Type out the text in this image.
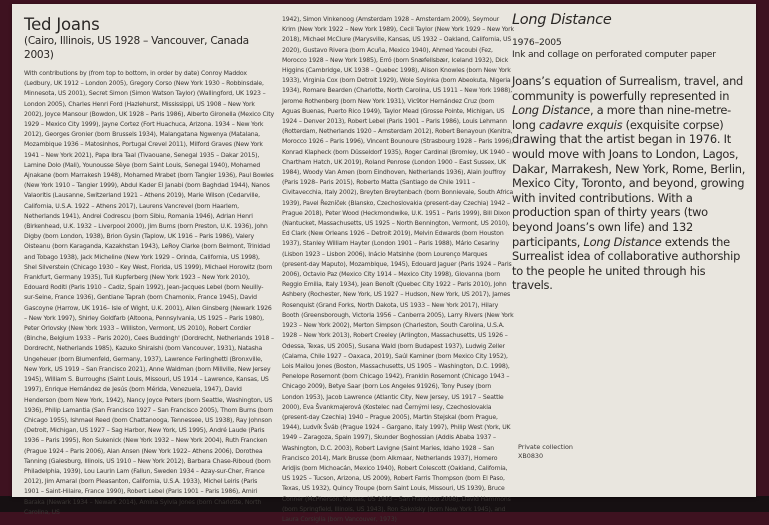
Ted Joans
(Cairo, Illinois, US 1928 – Vancouver, Canada 2003)
With contributions by (from top to bottom, in order by date) Conroy Maddox (Ledbury, UK 1912 – London 2005), Gregory Corso (New York 1930 – Robbinsdale, Minnesota, US 2001), Secret Simon (Simon Watson Taylor) (Wallingford, UK 1923 – London 2005), Charles Henri Ford (Hazlehurst, Mississippi, US 1908 – New York 2002), Joyce Mansour (Bowdon, UK 1928 – Paris 1986), Alberto Gironella (Mexico City 1929 – Mexico City 1999), Jayne Cortez (Fort Huachuca, Arizona. 1934 – New York 2012), Georges Gronier (born Brussels 1934), Malangatana Ngwenya (Matalana, Mozambique 1936 – Matosinhos, Portugal Crevel 2011), Milford Graves (New York 1941 – New York 2021), Papa Ibra Taal (Tivaouane, Senegal 1935 – Dakar 2015), Lamine Dolo (Mali), Younousse Sèye (born Saint Louis, Senegal 1940), Mohamed Ajnakane (born Marrakesh 1948), Mohamed Mrabet (born Tangier 1936), Paul Bowles (New York 1910 – Tangier 1999), Abdul Kader El Janabi (born Baghdad 1944), Nanos Valaoritis (Lausanne, Switzerland 1921 – Athens 2019), Marie Wilson (Cedarville, California, U.S.A. 1922 – Athens 2017), Laurens Vancrevel (born Haarlem, Netherlands 1941), Andrei Codrescu (born Sibiu, Romania 1946), Adrian Henri (Birkenhead, U.K. 1932 – Liverpool 2000), Jim Burns (born Preston, U.K. 1936), John Digby (born London, 1938), Brion Gysin (Taplow, UK 1916 – Paris 1986), Valery Oisteanu (born Karaganda, Kazakhstan 1943), LeRoy Clarke (born Belmont, Trinidad and Tobago 1938), Jack Micheline (New York 1929 – Orinda, California, US 1998), Shel Silverstein (Chicago 1930 – Key West, Florida, US 1999), Michael Horowitz (born Frankfurt, Germany 1935), Tuli Kupferberg (New York 1923 – New York 2010), Edouard Roditi (Paris 1910 – Cadiz, Spain 1992), Jean-Jacques Lebel (born Neuilly-sur-Seine, France 1936), Gentiane Taprah (born Chamonix, France 1945), David Gascoyne (Harrow, UK 1916– Isle of Wight, U.K. 2001), Allen Ginsberg (Newark 1926 – New York 1997), Shirley Goldfarb (Altoona, Pennsylvania, US 1925 – Paris 1980), Peter Orlovsky (New York 1933 – Williston, Vermont, US 2010), Robert Cordier (Binche, Belgium 1933 – Paris 2020), Cees Buddingh' (Dordrecht, Netherlands 1918 – Dordrecht, Netherlands 1985), Kazuko Shiraishi (born Vancouver, 1931), Natasha Ungeheuer (born Blumenfeld, Germany, 1937), Lawrence Ferlinghetti (Bronxville, New York, US 1919 – San Francisco 2021), Anne Waldman (born Millville, New Jersey 1945), William S. Burroughs (Saint Louis, Missouri, US 1914 – Lawrence, Kansas, US 1997), Enrique Hernández de Jesús (born Mérida, Venezuela, 1947), David Henderson (born New York, 1942), Nancy Joyce Peters (born Seattle, Washington, US 1936), Philip Lamantia (San Francisco 1927 – San Francisco 2005), Thom Burns (born Chicago 1955), Ishmael Reed (born Chattanooga, Tennessee, US 1938), Ray Johnson (Detroit, Michigan, US 1927 – Sag Harbor, New York, US 1995), André Laude (Paris 1936 – Paris 1995), Ron Sukenick (New York 1932 – New York 2004), Ruth Francken (Prague 1924 – Paris 2006), Alan Ansen (New York 1922– Athens 2006), Dorothea Tanning (Galesburg, Illinois, US 1910 – New York 2012), Barbara Chase-Riboud (born Philadelphia, 1939), Lou Laurin Lam (Fallun, Sweden 1934 – Azay-sur-Cher, France 2012), Jim Amaral (born Pleasanton, California, U.S.A. 1933), Michel Leiris (Paris 1901 – Saint-Hilaire, France 1990), Robert Lebel (Paris 1901 – Paris 1986), Amiri Baraka (Newark 1934 – Newark 2014), Amina Sylvia Jones (born Charlotte, North Carolina, US
1942), Simon Vinkenoog (Amsterdam 1928 – Amsterdam 2009), Seymour Krim (New York 1922 – New York 1989), Cecil Taylor (New York 1929 – New York 2018), Michael McClure (Marysville, Kansas, US 1932 – Oakland, California, US 2020), Gustavo Rivera (born Acuña, Mexico 1940), Ahmed Yacoubi (Fez, Morocco 1928 – New York 1985), Erró (born Snæfellsbær, Iceland 1932), Dick Higgins (Cambridge, UK 1938 – Quebec 1998), Alison Knowles (born New York 1933), Virginia Cox (born Detroit 1929), Wole Soyinka (born Abeokuta, Nigeria 1934), Romare Bearden (Charlotte, North Carolina, US 1911 – New York 1988), Jerome Rothenberg (born New York 1931), Vic9tor Hernández Cruz (born Aguas Buenas, Puerto Rico 1949), Taylor Mead (Grosse Pointe, Michigan, US 1924 – Denver 2013), Robert Lebel (Paris 1901 – Paris 1986), Louis Lehmann (Rotterdam, Netherlands 1920 – Amsterdam 2012), Robert Benayoun (Kenitra, Morocco 1926 – Paris 1996), Vincent Bounoure (Strasbourg 1928 – Paris 1996), Konrad Klapheck (born Düsseldorf 1935), Roger Cardinal (Bromley, UK 1940 – Chartham Hatch, UK 2019), Roland Penrose (London 1900 – East Sussex, UK 1984), Woody Van Amen (born Eindhoven, Netherlands 1936), Alain Jouffroy (Paris 1928– Paris 2015), Roberto Matta (Santiago de Chile 1911 – Civitavecchia, Italy 2002), Breyten Breytenbach (born Bonnievale, South Africa 1939), Pavel Řezníček (Blansko, Czechoslovakia (present-day Czechia) 1942 – Prague 2018), Peter Wood (Heckmondwike, U.K. 1951 – Paris 1999), Bill Dixon (Nantucket, Massachusetts, US 1925 – North Bennington, Vermont, US 2010), Ed Clark (New Orleans 1926 – Detroit 2019), Melvin Edwards (born Houston 1937), Stanley William Hayter (London 1901 – Paris 1988), Mário Cesariny (Lisbon 1923 – Lisbon 2006), Inácio Matsinhe (born Lourenço Marques (present-day Maputo), Mozambique, 1945), Edouard Jaguer (Paris 1924 – Paris 2006), Octavio Paz (Mexico City 1914 – Mexico City 1998), Giovanna (born Reggio Emilia, Italy 1934), Jean Benoît (Quebec City 1922 – Paris 2010), John Ashbery (Rochester, New York, US 1927 – Hudson, New York, US 2017), James Rosenquist (Grand Forks, North Dakota, US 1933 – New York 2017), Hilary Booth (Greensborough, Victoria 1956 – Canberra 2005), Larry Rivers (New York 1923 – New York 2002), Merton Simpson (Charleston, South Carolina, U.S.A. 1928 – New York 2013), Robert Creeley (Arlington, Massachusetts, US 1926 – Odessa, Texas, US 2005), Susana Wald (born Budapest 1937), Ludwig Zeller (Calama, Chile 1927 – Oaxaca, 2019), Saúl Kaminer (born Mexico City 1952), Lois Mailou Jones (Boston, Massachusetts, US 1905 – Washington, D.C. 1998), Penelope Rosemont (born Chicago 1942), Franklin Rosemont (Chicago 1943 – Chicago 2009), Betye Saar (born Los Angeles 91926), Tony Pusey (born London 1953), Jacob Lawrence (Atlantic City, New Jersey, US 1917 – Seattle 2000), Eva Švankmajerová (Kostelec nad Černými lesy, Czechoslovakia (present-day Czechia) 1940 – Prague 2005), Martin Stejskal (born Prague, 1944), Ludvík Šváb (Prague 1924 – Gargano, Italy 1997), Philip West (York, UK 1949 – Zaragoza, Spain 1997), Skunder Boghossian (Addis Ababa 1937 – Washington, D.C. 2003), Robert Lavigne (Saint Maries, Idaho 1928 – San Francisco 2014), Mark Brusse (born Alkmaar, Netherlands 1937), Homero Aridjis (born Michoacán, Mexico 1940), Robert Colescott (Oakland, California, US 1925 – Tucson, Arizona, US 2009), Robert Farris Thompson (born El Paso, Texas, US 1932), Quincy Troupe (born Saint Louis, Missouri, US 1939), Bruce Conner (McPherson, Kansas, US 1903 – San Francisco 2008), David Hammons (born Springfield, Illinois, US 1943), Ron Sakolsky (born New York 1945), and Laura Corsiglia (born Vancouver, 1973)
Long Distance
1976–2005
Ink and collage on perforated computer paper
Joans’s equation of Surrealism, travel, and community is powerfully represented in Long Distance, a more than nine-metre-long cadavre exquis (exquisite corpse) drawing that the artist began in 1976. It would move with Joans to London, Lagos, Dakar, Marrakesh, New York, Rome, Berlin, Mexico City, Toronto, and beyond, growing with invited contributions. With a production span of thirty years (two beyond Joans’s own life) and 132 participants, Long Distance extends the Surrealist idea of collaborative authorship to the people he united through his travels.
Private collection
XB0830
